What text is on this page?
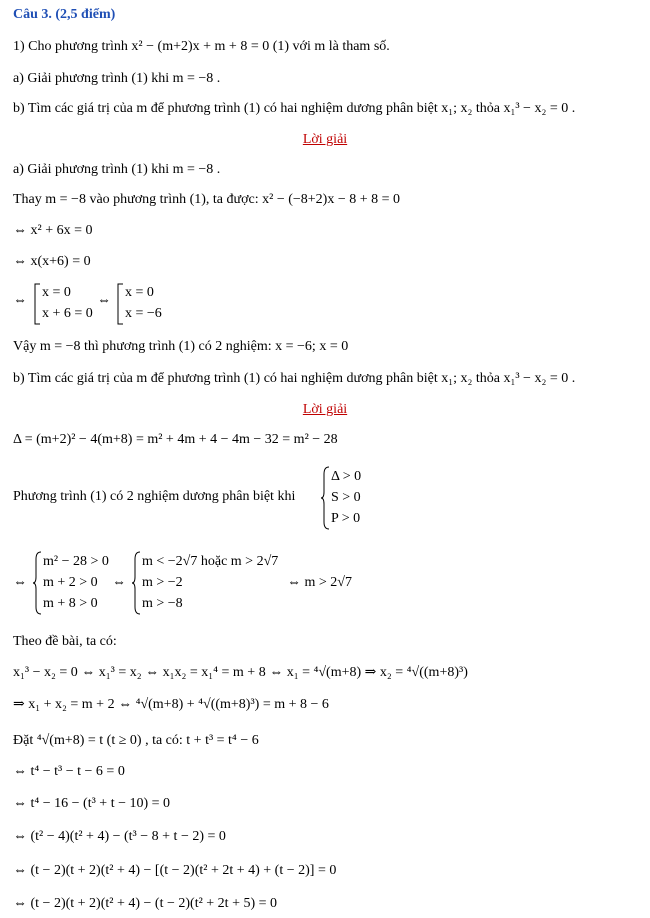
Câu 3. (2,5 điểm)
1) Cho phương trình x² − (m+2)x + m + 8 = 0 (1) với m là tham số.
a) Giải phương trình (1) khi m = −8 .
b) Tìm các giá trị của m để phương trình (1) có hai nghiệm dương phân biệt x₁; x₂ thỏa x₁³ − x₂ = 0 .
Lời giải
a) Giải phương trình (1) khi m = −8 .
Thay m = −8 vào phương trình (1), ta được: x² − (−8+2)x − 8 + 8 = 0
⇔ x² + 6x = 0
⇔ x(x+6) = 0
⇔
x = 0
x + 6 = 0
⇔
x = 0
x = −6
Vậy m = −8 thì phương trình (1) có 2 nghiệm: x = −6; x = 0
b) Tìm các giá trị của m để phương trình (1) có hai nghiệm dương phân biệt x₁; x₂ thỏa x₁³ − x₂ = 0 .
Lời giải
Δ = (m+2)² − 4(m+8) = m² + 4m + 4 − 4m − 32 = m² − 28
Phương trình (1) có 2 nghiệm dương phân biệt khi
Δ > 0
S > 0
P > 0
⇔
m² − 28 > 0
m + 2 > 0
m + 8 > 0
⇔
m < −2√7 hoặc m > 2√7
m > −2
m > −8
⇔ m > 2√7
Theo đề bài, ta có:
x₁³ − x₂ = 0 ⇔ x₁³ = x₂ ⇔ x₁x₂ = x₁⁴ = m + 8 ⇔ x₁ = ⁴√(m+8) ⇒ x₂ = ⁴√((m+8)³)
⇒ x₁ + x₂ = m + 2 ⇔ ⁴√(m+8) + ⁴√((m+8)³) = m + 8 − 6
Đặt ⁴√(m+8) = t (t ≥ 0) , ta có: t + t³ = t⁴ − 6
⇔ t⁴ − t³ − t − 6 = 0
⇔ t⁴ − 16 − (t³ + t − 10) = 0
⇔ (t² − 4)(t² + 4) − (t³ − 8 + t − 2) = 0
⇔ (t − 2)(t + 2)(t² + 4) − [(t − 2)(t² + 2t + 4) + (t − 2)] = 0
⇔ (t − 2)(t + 2)(t² + 4) − (t − 2)(t² + 2t + 5) = 0
